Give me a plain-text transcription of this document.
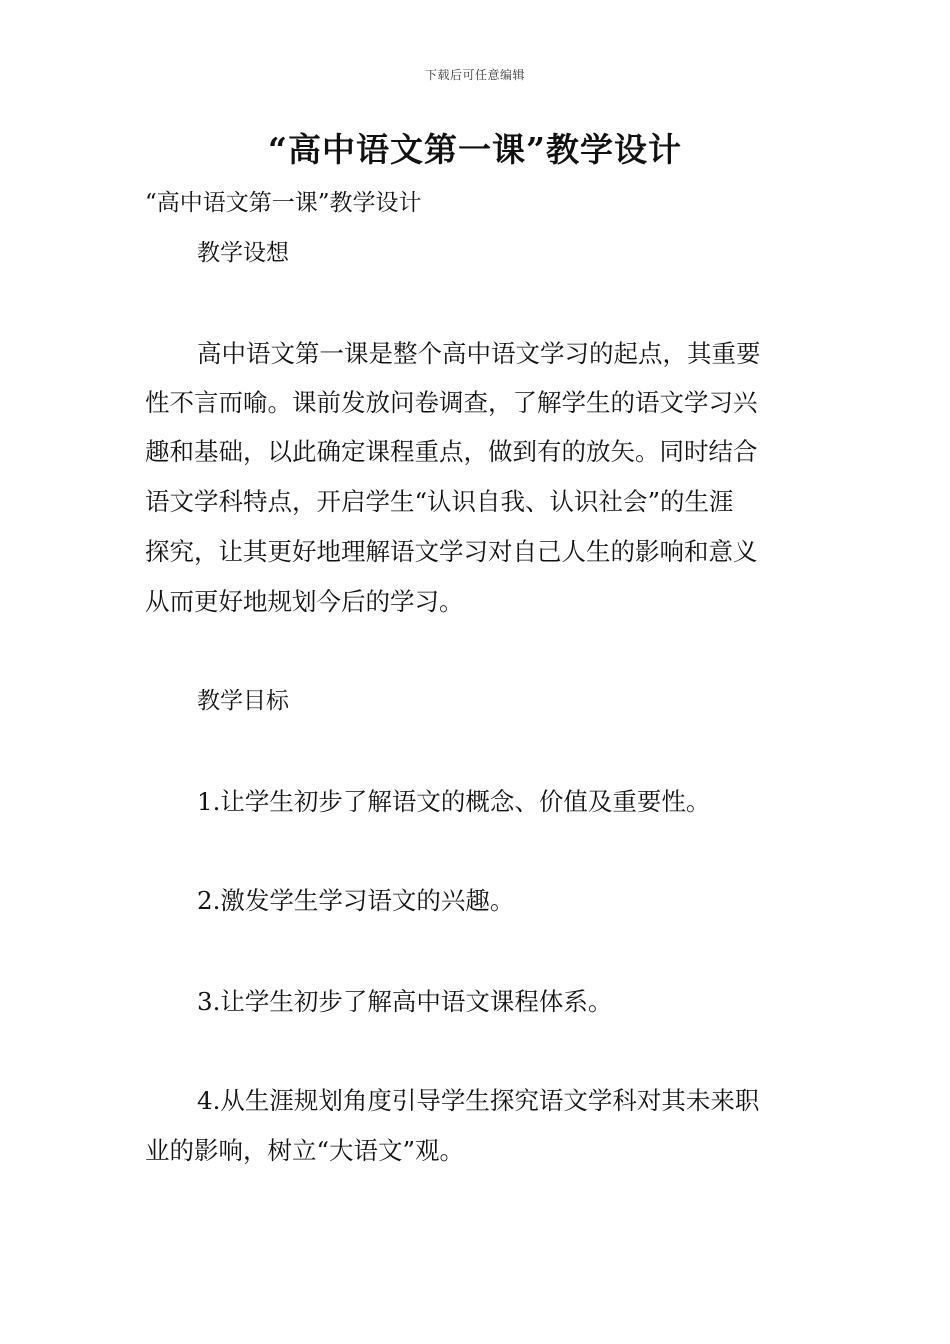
下载后可任意编辑
“高中语文第一课”教学设计

“高中语文第一课”教学设计

教学设想

高中语文第一课是整个高中语文学习的起点，其重要

性不言而喻。课前发放问卷调查，了解学生的语文学习兴

趣和基础，以此确定课程重点，做到有的放矢。同时结合

语文学科特点，开启学生“认识自我、认识社会”的生涯

探究，让其更好地理解语文学习对自己人生的影响和意义

从而更好地规划今后的学习。

教学目标

1.让学生初步了解语文的概念、价值及重要性。

2.激发学生学习语文的兴趣。

3.让学生初步了解高中语文课程体系。

4.从生涯规划角度引导学生探究语文学科对其未来职

业的影响，树立“大语文”观。
